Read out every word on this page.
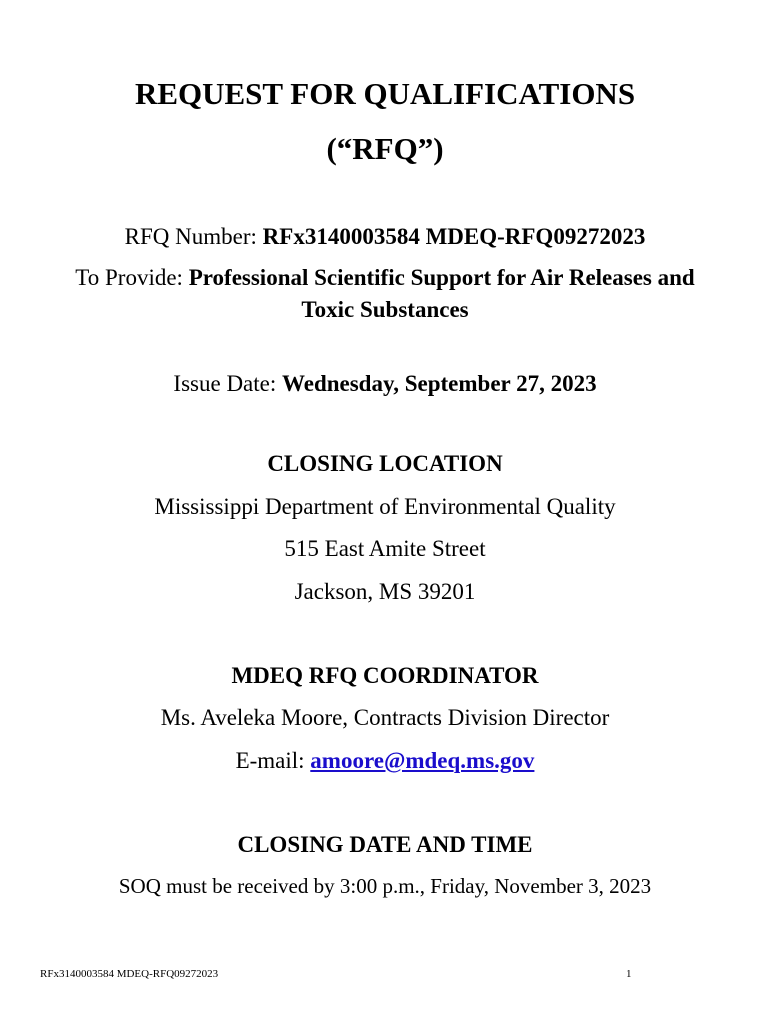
REQUEST FOR QUALIFICATIONS
(“RFQ”)
RFQ Number: RFx3140003584 MDEQ-RFQ09272023
To Provide: Professional Scientific Support for Air Releases and
Toxic Substances
Issue Date: Wednesday, September 27, 2023
CLOSING LOCATION
Mississippi Department of Environmental Quality
515 East Amite Street
Jackson, MS 39201
MDEQ RFQ COORDINATOR
Ms. Aveleka Moore, Contracts Division Director
E-mail: amoore@mdeq.ms.gov
CLOSING DATE AND TIME
SOQ must be received by 3:00 p.m., Friday, November 3, 2023
RFx3140003584 MDEQ-RFQ09272023	1
